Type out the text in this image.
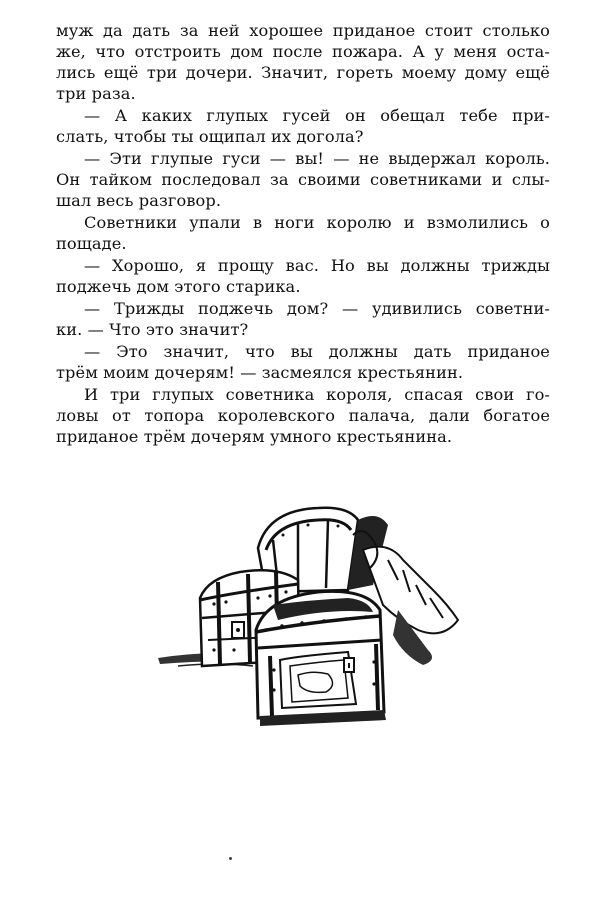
муж да дать за ней хорошее приданое стоит столько
же, что отстроить дом после пожара. А у меня оста-
лись ещё три дочери. Значит, гореть моему дому ещё
три раза.
— А каких глупых гусей он обещал тебе при-
слать, чтобы ты ощипал их догола?
— Эти глупые гуси — вы! — не выдержал король.
Он тайком последовал за своими советниками и слы-
шал весь разговор.
Советники упали в ноги королю и взмолились о
пощаде.
— Хорошо, я прощу вас. Но вы должны трижды
поджечь дом этого старика.
— Трижды поджечь дом? — удивились советни-
ки. — Что это значит?
— Это значит, что вы должны дать приданое
трём моим дочерям! — засмеялся крестьянин.
И три глупых советника короля, спасая свои го-
ловы от топора королевского палача, дали богатое
приданое трём дочерям умного крестьянина.
